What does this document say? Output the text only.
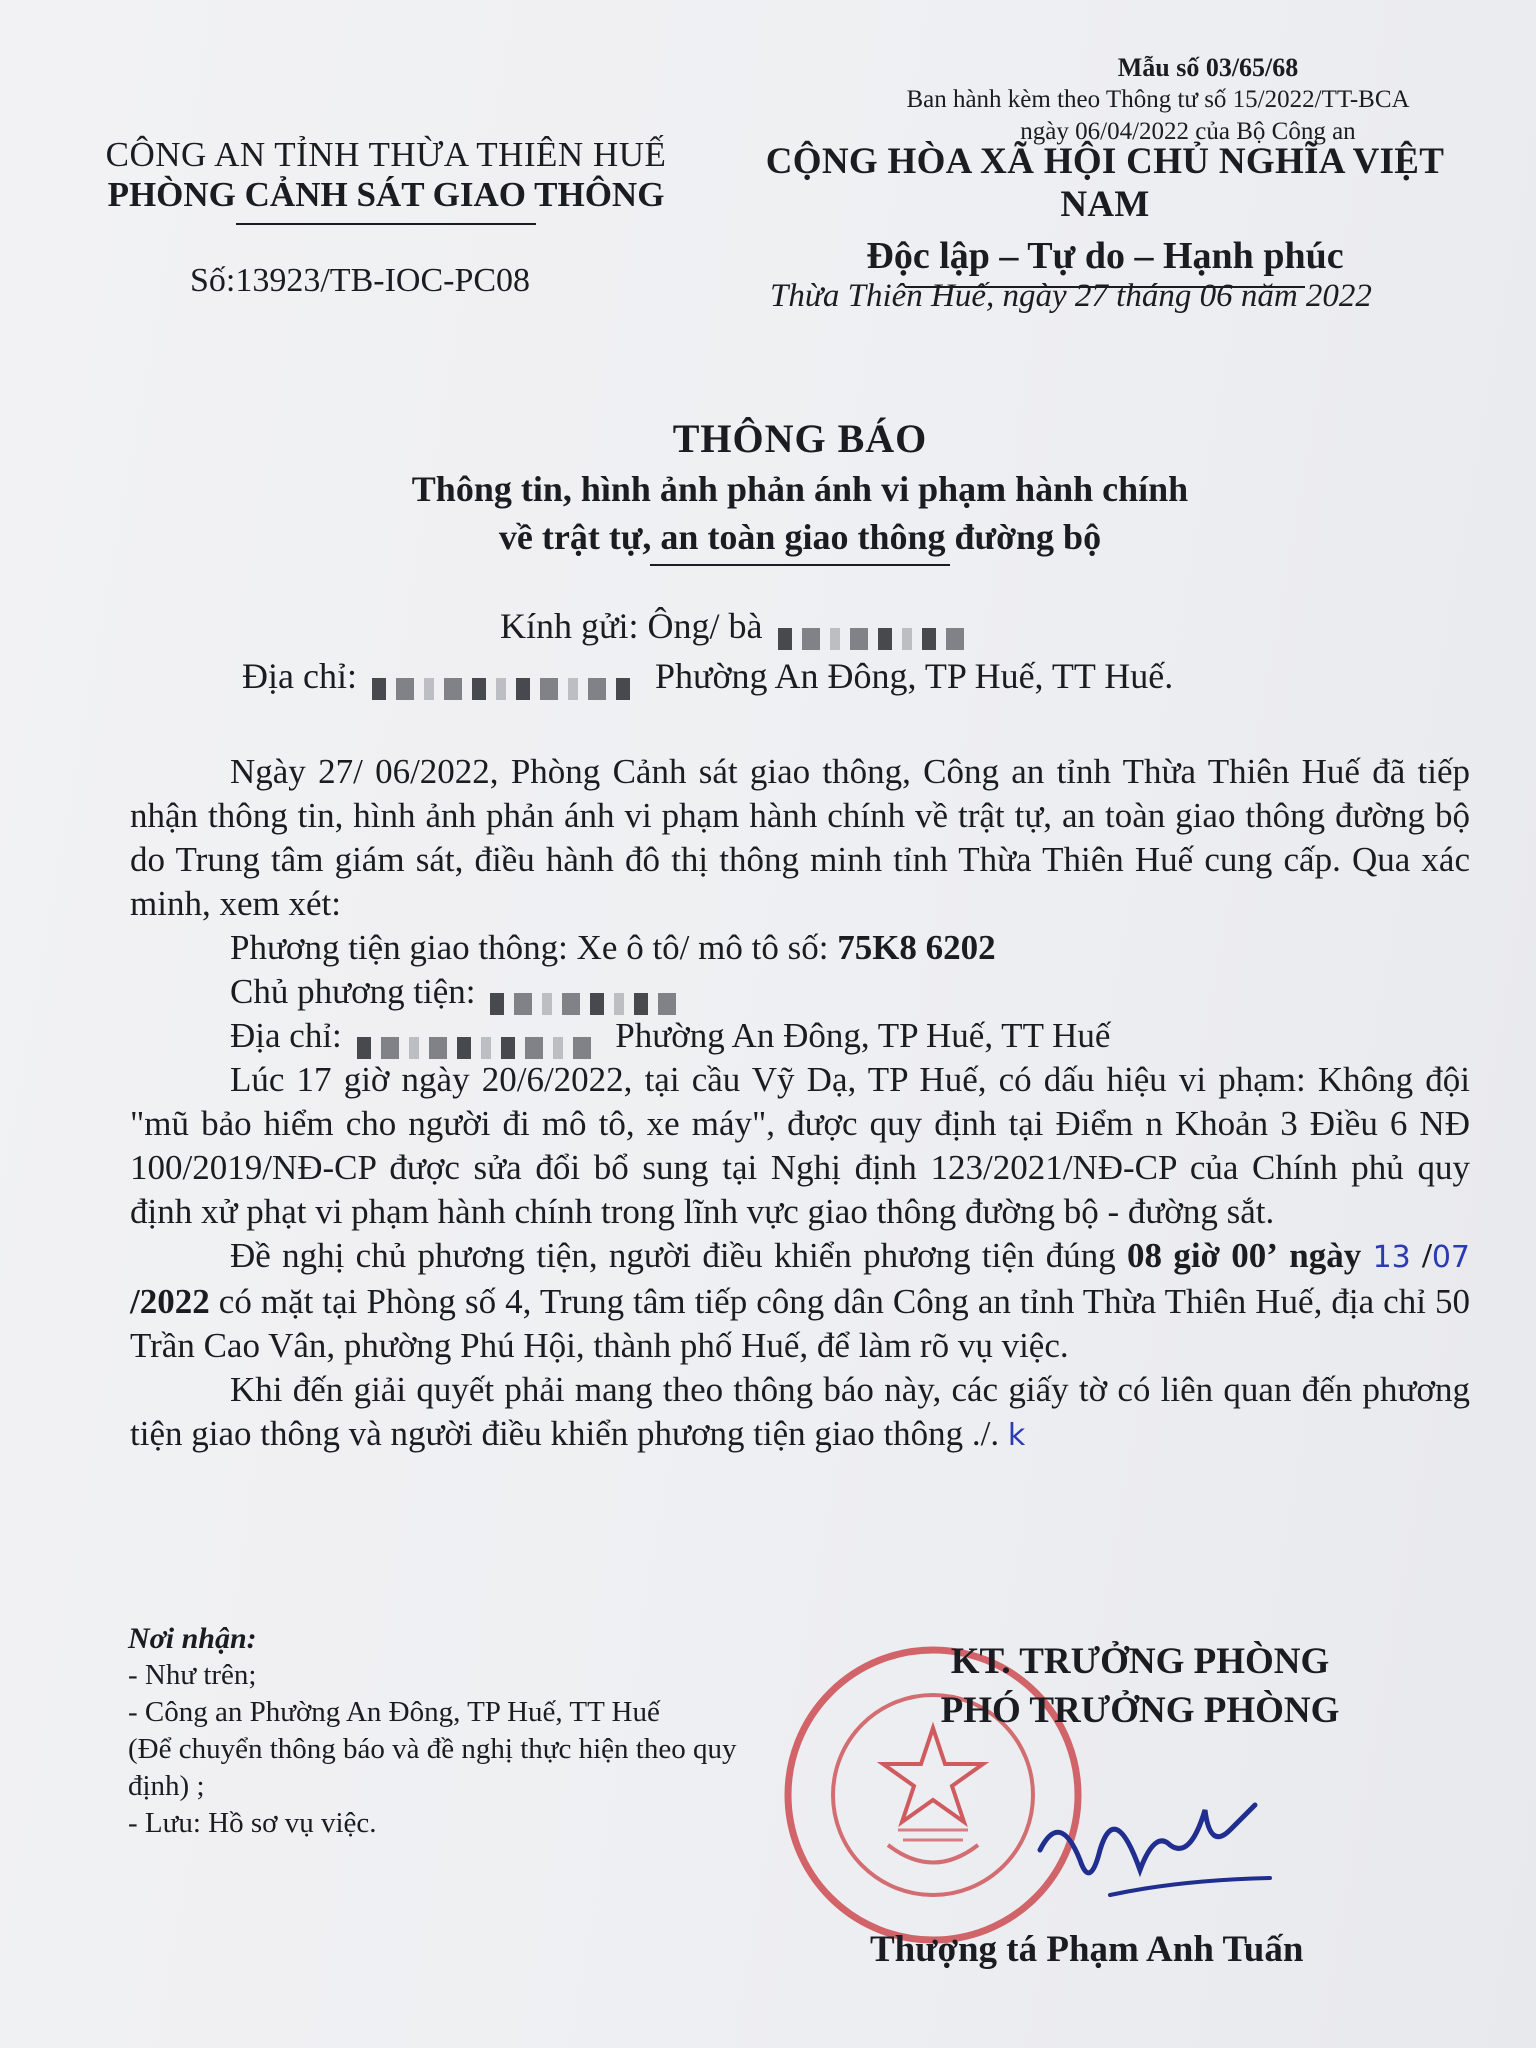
Mẫu số 03/65/68
Ban hành kèm theo Thông tư số 15/2022/TT-BCA
ngày 06/04/2022 của Bộ Công an
CÔNG AN TỈNH THỪA THIÊN HUẾ
PHÒNG CẢNH SÁT GIAO THÔNG
Số:13923/TB-IOC-PC08
CỘNG HÒA XÃ HỘI CHỦ NGHĨA VIỆT NAM
Độc lập – Tự do – Hạnh phúc
Thừa Thiên Huế, ngày 27 tháng 06 năm 2022
THÔNG BÁO
Thông tin, hình ảnh phản ánh vi phạm hành chính
về trật tự, an toàn giao thông đường bộ
Kính gửi: Ông/ bà
Địa chỉ:	Phường An Đông, TP Huế, TT Huế.

Ngày 27/ 06/2022, Phòng Cảnh sát giao thông, Công an tỉnh Thừa Thiên Huế đã tiếp nhận thông tin, hình ảnh phản ánh vi phạm hành chính về trật tự, an toàn giao thông đường bộ do Trung tâm giám sát, điều hành đô thị thông minh tỉnh Thừa Thiên Huế cung cấp. Qua xác minh, xem xét:

Phương tiện giao thông: Xe ô tô/ mô tô số: 75K8 6202

Chủ phương tiện:

Địa chỉ:	Phường An Đông, TP Huế, TT Huế

Lúc 17 giờ ngày 20/6/2022, tại cầu Vỹ Dạ, TP Huế, có dấu hiệu vi phạm: Không đội "mũ bảo hiểm cho người đi mô tô, xe máy", được quy định tại Điểm n Khoản 3 Điều 6 NĐ 100/2019/NĐ-CP được sửa đổi bổ sung tại Nghị định 123/2021/NĐ-CP của Chính phủ quy định xử phạt vi phạm hành chính trong lĩnh vực giao thông đường bộ - đường sắt.

Đề nghị chủ phương tiện, người điều khiển phương tiện đúng 08 giờ 00’ ngày 13 /07 /2022 có mặt tại Phòng số 4, Trung tâm tiếp công dân Công an tỉnh Thừa Thiên Huế, địa chỉ 50 Trần Cao Vân, phường Phú Hội, thành phố Huế, để làm rõ vụ việc.

Khi đến giải quyết phải mang theo thông báo này, các giấy tờ có liên quan đến phương tiện giao thông và người điều khiển phương tiện giao thông ./. k

Nơi nhận:
- Như trên;
- Công an Phường An Đông, TP Huế, TT Huế
(Để chuyển thông báo và đề nghị thực hiện theo quy định) ;
- Lưu: Hồ sơ vụ việc.
KT. TRƯỞNG PHÒNG
PHÓ TRƯỞNG PHÒNG
Thượng tá Phạm Anh Tuấn
